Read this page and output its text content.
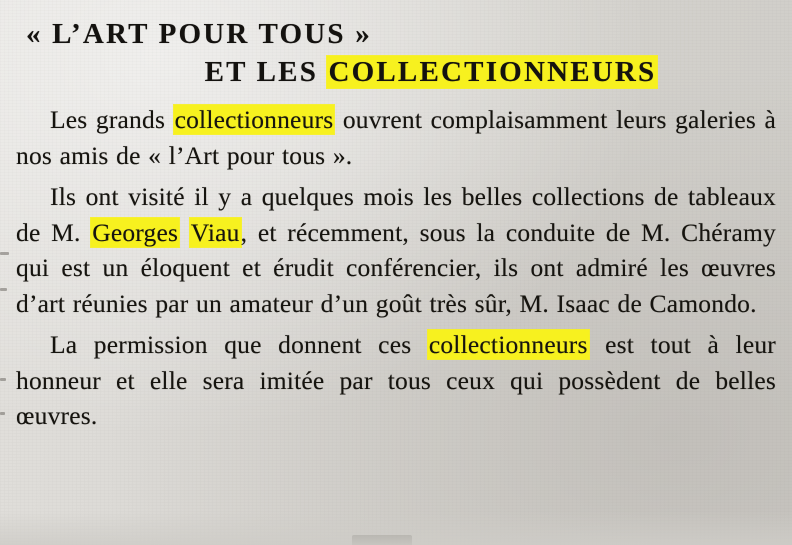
« L’ART POUR TOUS »
ET LES COLLECTIONNEURS

Les grands collectionneurs ouvrent complaisamment leurs galeries à nos amis de « l’Art pour tous ».

Ils ont visité il y a quelques mois les belles collections de tableaux de M. Georges Viau, et récemment, sous la conduite de M. Chéramy qui est un éloquent et érudit conférencier, ils ont admiré les œuvres d’art réunies par un amateur d’un goût très sûr, M. Isaac de Camondo.

La permission que donnent ces collectionneurs est tout à leur honneur et elle sera imitée par tous ceux qui possèdent de belles œuvres.
